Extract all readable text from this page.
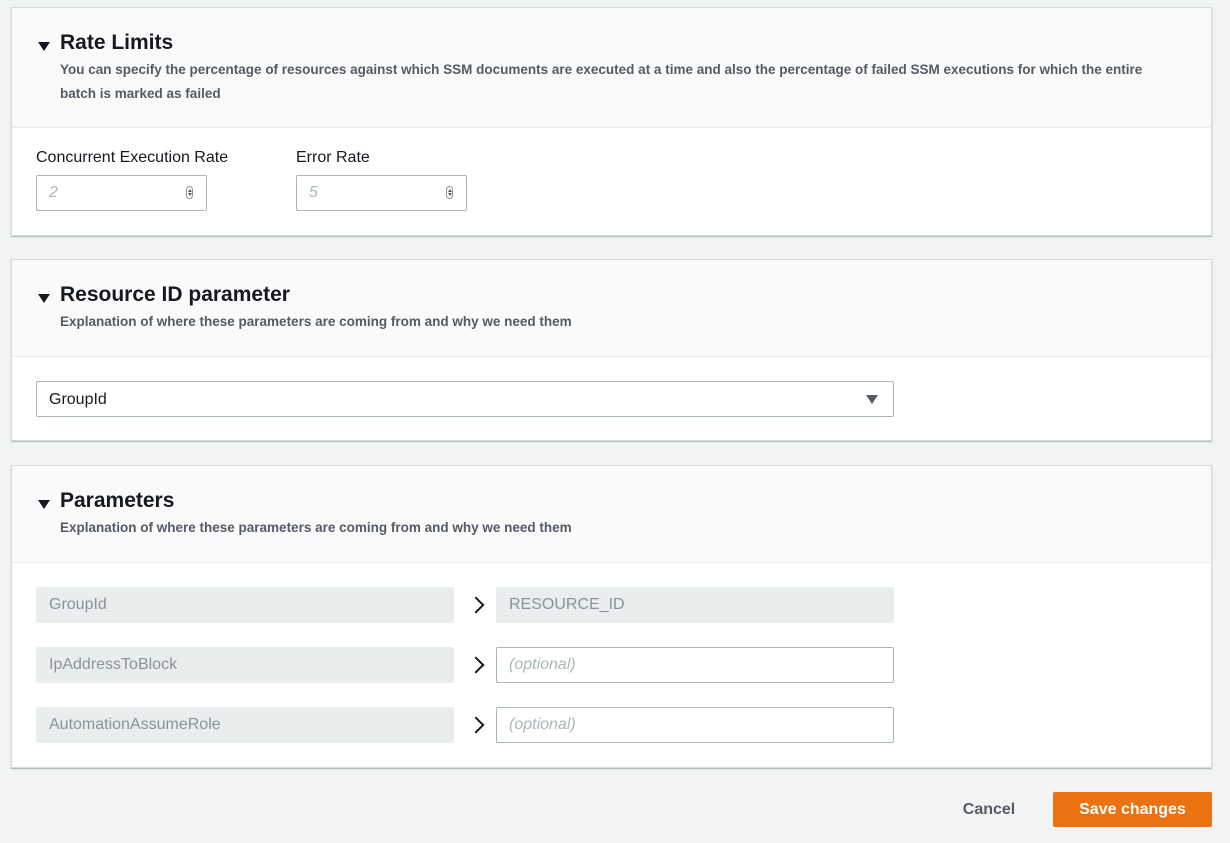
Rate Limits
You can specify the percentage of resources against which SSM documents are executed at a time and also the percentage of failed SSM executions for which the entire batch is marked as failed
Concurrent Execution Rate
2
Error Rate
5
Resource ID parameter
Explanation of where these parameters are coming from and why we need them
GroupId
Parameters
Explanation of where these parameters are coming from and why we need them
GroupId	RESOURCE_ID
IpAddressToBlock	(optional)
AutomationAssumeRole	(optional)
Cancel	Save changes
